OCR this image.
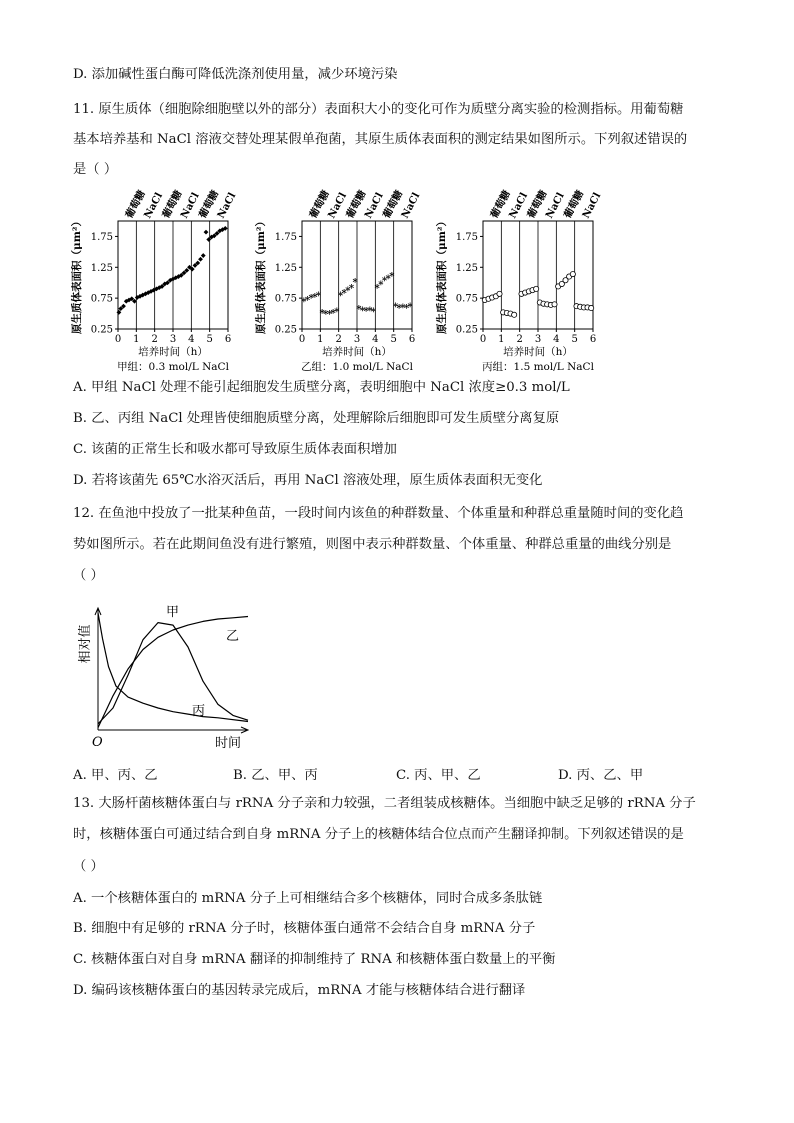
D. 添加碱性蛋白酶可降低洗涤剂使用量，减少环境污染
11. 原生质体（细胞除细胞壁以外的部分）表面积大小的变化可作为质壁分离实验的检测指标。用葡萄糖
基本培养基和 NaCl 溶液交替处理某假单孢菌，其原生质体表面积的测定结果如图所示。下列叙述错误的
是（ ）
葡萄糖
NaCl
葡萄糖
NaCl
葡萄糖
NaCl
0 1 2 3 4 5 6
0.25
0.75
1.25
1.75
原生质体表面积（μm²）
培养时间（h）
甲组：0.3 mol/L NaCl
葡萄糖
NaCl
葡萄糖
NaCl
葡萄糖
NaCl
0 1 2 3 4 5 6
0.25
0.75
1.25
1.75
原生质体表面积（μm²）
培养时间（h）
乙组：1.0 mol/L NaCl
*
*
*
*
*
*
*
*
*
*
*
*
*
*
*
*
*
*
*
*
*
*
*
*
*
*
*
*
*
*
葡萄糖
NaCl
葡萄糖
NaCl
葡萄糖
NaCl
0 1 2 3 4 5 6
0.25
0.75
1.25
1.75
原生质体表面积（μm²）
培养时间（h）
丙组：1.5 mol/L NaCl
A. 甲组 NaCl 处理不能引起细胞发生质壁分离，表明细胞中 NaCl 浓度≥0.3 mol/L
B. 乙、丙组 NaCl 处理皆使细胞质壁分离，处理解除后细胞即可发生质壁分离复原
C. 该菌的正常生长和吸水都可导致原生质体表面积增加
D. 若将该菌先 65℃水浴灭活后，再用 NaCl 溶液处理，原生质体表面积无变化
12. 在鱼池中投放了一批某种鱼苗，一段时间内该鱼的种群数量、个体重量和种群总重量随时间的变化趋
势如图所示。若在此期间鱼没有进行繁殖，则图中表示种群数量、个体重量、种群总重量的曲线分别是
（ ）
相对值
时间
O
甲
乙
丙
A. 甲、丙、乙	B. 乙、甲、丙	C. 丙、甲、乙	D. 丙、乙、甲
13. 大肠杆菌核糖体蛋白与 rRNA 分子亲和力较强，二者组装成核糖体。当细胞中缺乏足够的 rRNA 分子
时，核糖体蛋白可通过结合到自身 mRNA 分子上的核糖体结合位点而产生翻译抑制。下列叙述错误的是
（ ）
A. 一个核糖体蛋白的 mRNA 分子上可相继结合多个核糖体，同时合成多条肽链
B. 细胞中有足够的 rRNA 分子时，核糖体蛋白通常不会结合自身 mRNA 分子
C. 核糖体蛋白对自身 mRNA 翻译的抑制维持了 RNA 和核糖体蛋白数量上的平衡
D. 编码该核糖体蛋白的基因转录完成后，mRNA 才能与核糖体结合进行翻译
